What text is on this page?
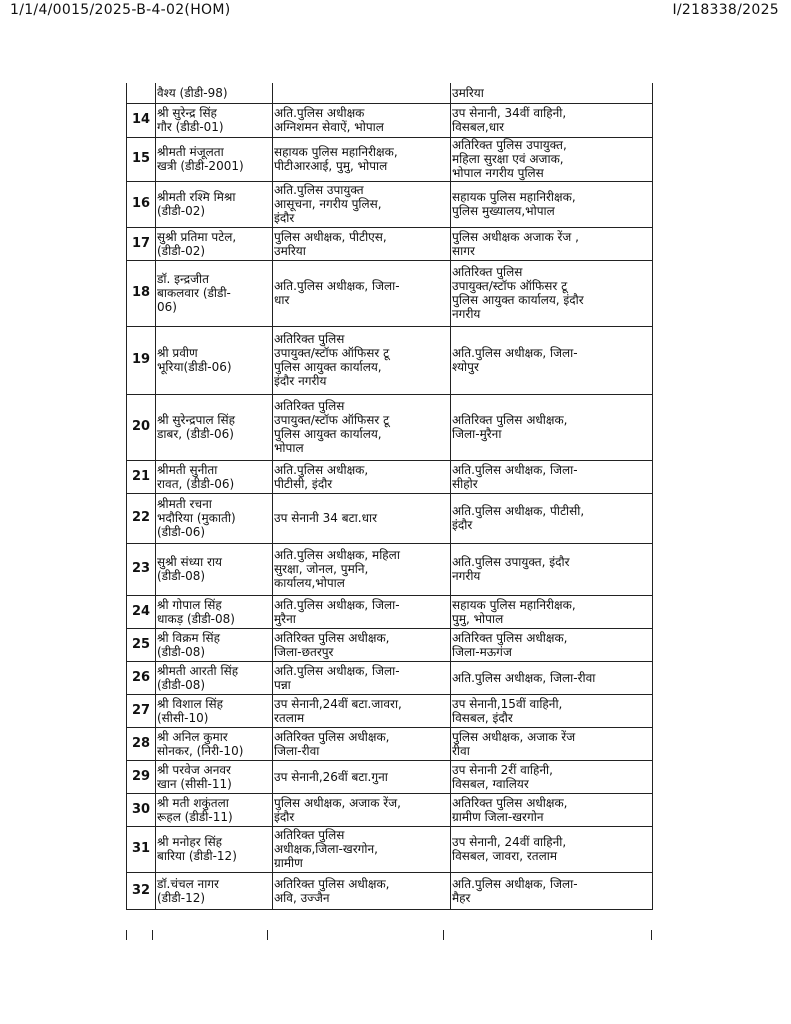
1/1/4/0015/2025-B-4-02(HOM)	I/218338/2025

	वैश्य (डीडी-98)		उमरिया

14	श्री सुरेन्द्र सिंह
गौर (डीडी-01)	अति.पुलिस अधीक्षक
अग्निशमन सेवाऐं, भोपाल	उप सेनानी, 34वीं वाहिनी,
विसबल,धार

15	श्रीमती मंजूलता
खत्री (डीडी-2001)	सहायक पुलिस महानिरीक्षक,
पीटीआरआई, पुमु, भोपाल	अतिरिक्त पुलिस उपायुक्त,
महिला सुरक्षा एवं अजाक,
भोपाल नगरीय पुलिस

16	श्रीमती रश्मि मिश्रा
(डीडी-02)	अति.पुलिस उपायुक्त
आसूचना, नगरीय पुलिस,
इंदौर	सहायक पुलिस महानिरीक्षक,
पुलिस मुख्यालय,भोपाल

17	सुश्री प्रतिमा पटेल,
(डीडी-02)	पुलिस अधीक्षक, पीटीएस,
उमरिया	पुलिस अधीक्षक अजाक रेंज ,
सागर

18	डॉ. इन्द्रजीत
बाकलवार (डीडी-
06)	अति.पुलिस अधीक्षक, जिला-
धार	अतिरिक्त पुलिस
उपायुक्त/स्टॉफ ऑफिसर टू
पुलिस आयुक्त कार्यालय, इंदौर
नगरीय

19	श्री प्रवीण
भूरिया(डीडी-06)	अतिरिक्त पुलिस
उपायुक्त/स्टॉफ ऑफिसर टू
पुलिस आयुक्त कार्यालय,
इंदौर नगरीय	अति.पुलिस अधीक्षक, जिला-
श्योपुर

20	श्री सुरेन्द्रपाल सिंह
डाबर, (डीडी-06)	अतिरिक्त पुलिस
उपायुक्त/स्टॉफ ऑफिसर टू
पुलिस आयुक्त कार्यालय,
भोपाल	अतिरिक्त पुलिस अधीक्षक,
जिला-मुरैना

21	श्रीमती सुनीता
रावत, (डीडी-06)	अति.पुलिस अधीक्षक,
पीटीसी, इंदौर	अति.पुलिस अधीक्षक, जिला-
सीहोर

22	श्रीमती रचना
भदौरिया (मुकाती)
(डीडी-06)	उप सेनानी 34 बटा.धार	अति.पुलिस अधीक्षक, पीटीसी,
इंदौर

23	सुश्री संध्या राय
(डीडी-08)	अति.पुलिस अधीक्षक, महिला
सुरक्षा, जोनल, पुमनि,
कार्यालय,भोपाल	अति.पुलिस उपायुक्त, इंदौर
नगरीय

24	श्री गोपाल सिंह
धाकड़ (डीडी-08)	अति.पुलिस अधीक्षक, जिला-
मुरैना	सहायक पुलिस महानिरीक्षक,
पुमु, भोपाल

25	श्री विक्रम सिंह
(डीडी-08)	अतिरिक्त पुलिस अधीक्षक,
जिला-छतरपुर	अतिरिक्त पुलिस अधीक्षक,
जिला-मऊगंज

26	श्रीमती आरती सिंह
(डीडी-08)	अति.पुलिस अधीक्षक, जिला-
पन्ना	अति.पुलिस अधीक्षक, जिला-रीवा

27	श्री विशाल सिंह
(सीसी-10)	उप सेनानी,24वीं बटा.जावरा,
रतलाम	उप सेनानी,15वीं वाहिनी,
विसबल, इंदौर

28	श्री अनिल कुमार
सोनकर, (निरी-10)	अतिरिक्त पुलिस अधीक्षक,
जिला-रीवा	पुलिस अधीक्षक, अजाक रेंज
रीवा

29	श्री परवेज अनवर
खान (सीसी-11)	उप सेनानी,26वीं बटा.गुना	उप सेनानी 2रीं वाहिनी,
विसबल, ग्वालियर

30	श्री मती शकुंतला
रूहल (डीडी-11)	पुलिस अधीक्षक, अजाक रेंज,
इंदौर	अतिरिक्त पुलिस अधीक्षक,
ग्रामीण जिला-खरगोन

31	श्री मनोहर सिंह
बारिया (डीडी-12)	अतिरिक्त पुलिस
अधीक्षक,जिला-खरगोन,
ग्रामीण	उप सेनानी, 24वीं वाहिनी,
विसबल, जावरा, रतलाम

32	डॉ.चंचल नागर
(डीडी-12)	अतिरिक्त पुलिस अधीक्षक,
अवि, उज्जैन	अति.पुलिस अधीक्षक, जिला-
मैहर
